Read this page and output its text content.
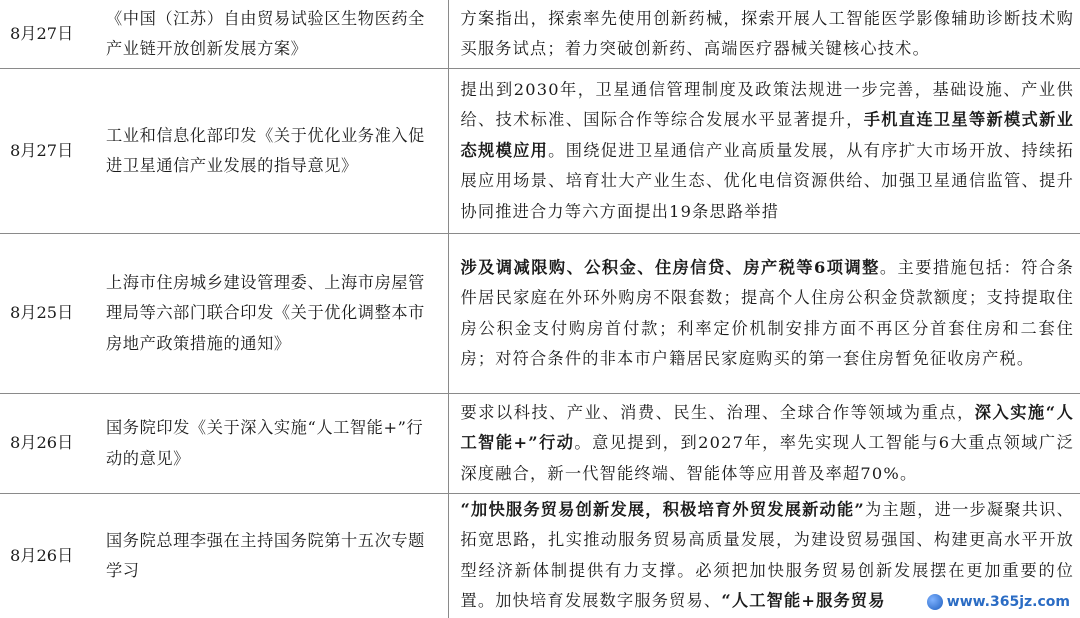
8月27日	《中国（江苏）自由贸易试验区生物医药全产业链开放创新发展方案》	方案指出，探索率先使用创新药械，探索开展人工智能医学影像辅助诊断技术购买服务试点；着力突破创新药、高端医疗器械关键核心技术。
8月27日	工业和信息化部印发《关于优化业务准入促进卫星通信产业发展的指导意见》	提出到2030年，卫星通信管理制度及政策法规进一步完善，基础设施、产业供给、技术标准、国际合作等综合发展水平显著提升，手机直连卫星等新模式新业态规模应用。围绕促进卫星通信产业高质量发展，从有序扩大市场开放、持续拓展应用场景、培育壮大产业生态、优化电信资源供给、加强卫星通信监管、提升协同推进合力等六方面提出19条思路举措
8月25日	上海市住房城乡建设管理委、上海市房屋管理局等六部门联合印发《关于优化调整本市房地产政策措施的通知》	涉及调减限购、公积金、住房信贷、房产税等6项调整。主要措施包括：符合条件居民家庭在外环外购房不限套数；提高个人住房公积金贷款额度；支持提取住房公积金支付购房首付款；利率定价机制安排方面不再区分首套住房和二套住房；对符合条件的非本市户籍居民家庭购买的第一套住房暂免征收房产税。
8月26日	国务院印发《关于深入实施“人工智能+”行动的意见》	要求以科技、产业、消费、民生、治理、全球合作等领域为重点，深入实施“人工智能+”行动。意见提到，到2027年，率先实现人工智能与6大重点领域广泛深度融合，新一代智能终端、智能体等应用普及率超70%。
8月26日	国务院总理李强在主持国务院第十五次专题学习	“加快服务贸易创新发展，积极培育外贸发展新动能”为主题，进一步凝聚共识、拓宽思路，扎实推动服务贸易高质量发展，为建设贸易强国、构建更高水平开放型经济新体制提供有力支撑。必须把加快服务贸易创新发展摆在更加重要的位置。加快培育发展数字服务贸易、“人工智能+服务贸易	www.365jz.com
